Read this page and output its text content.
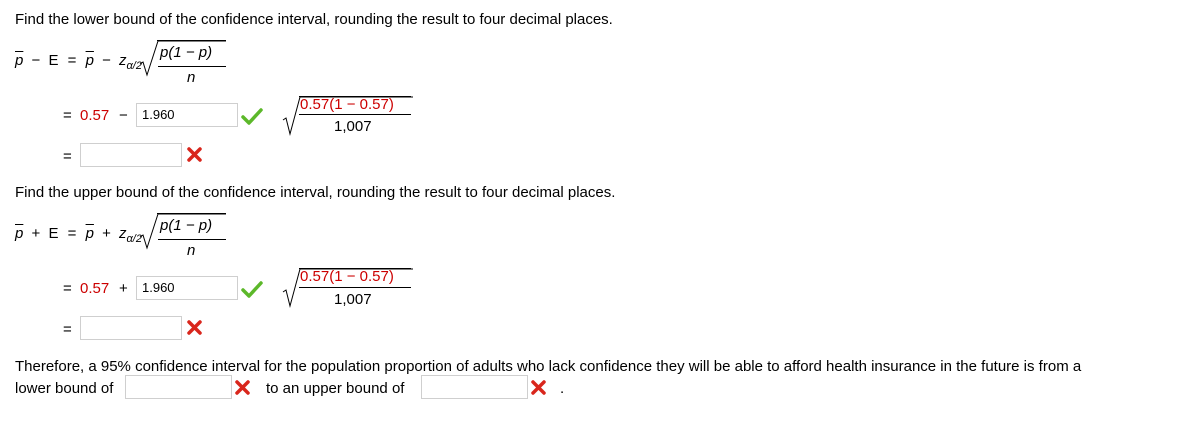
Find the lower bound of the confidence interval, rounding the result to four decimal places.
$\overline{p} - E = \overline{p} - z_{\alpha/2}$
p(1 − p)
n
= 0.57 −	1.960
0.57(1 − 0.57)
1,007
=
Find the upper bound of the confidence interval, rounding the result to four decimal places.
$\overline{p} + E = \overline{p} + z_{\alpha/2}$
p(1 − p)
n
= 0.57 +	1.960
0.57(1 − 0.57)
1,007
=
Therefore, a 95% confidence interval for the population proportion of adults who lack confidence they will be able to afford health insurance in the future is from a
lower bound of	to an upper bound of	.
